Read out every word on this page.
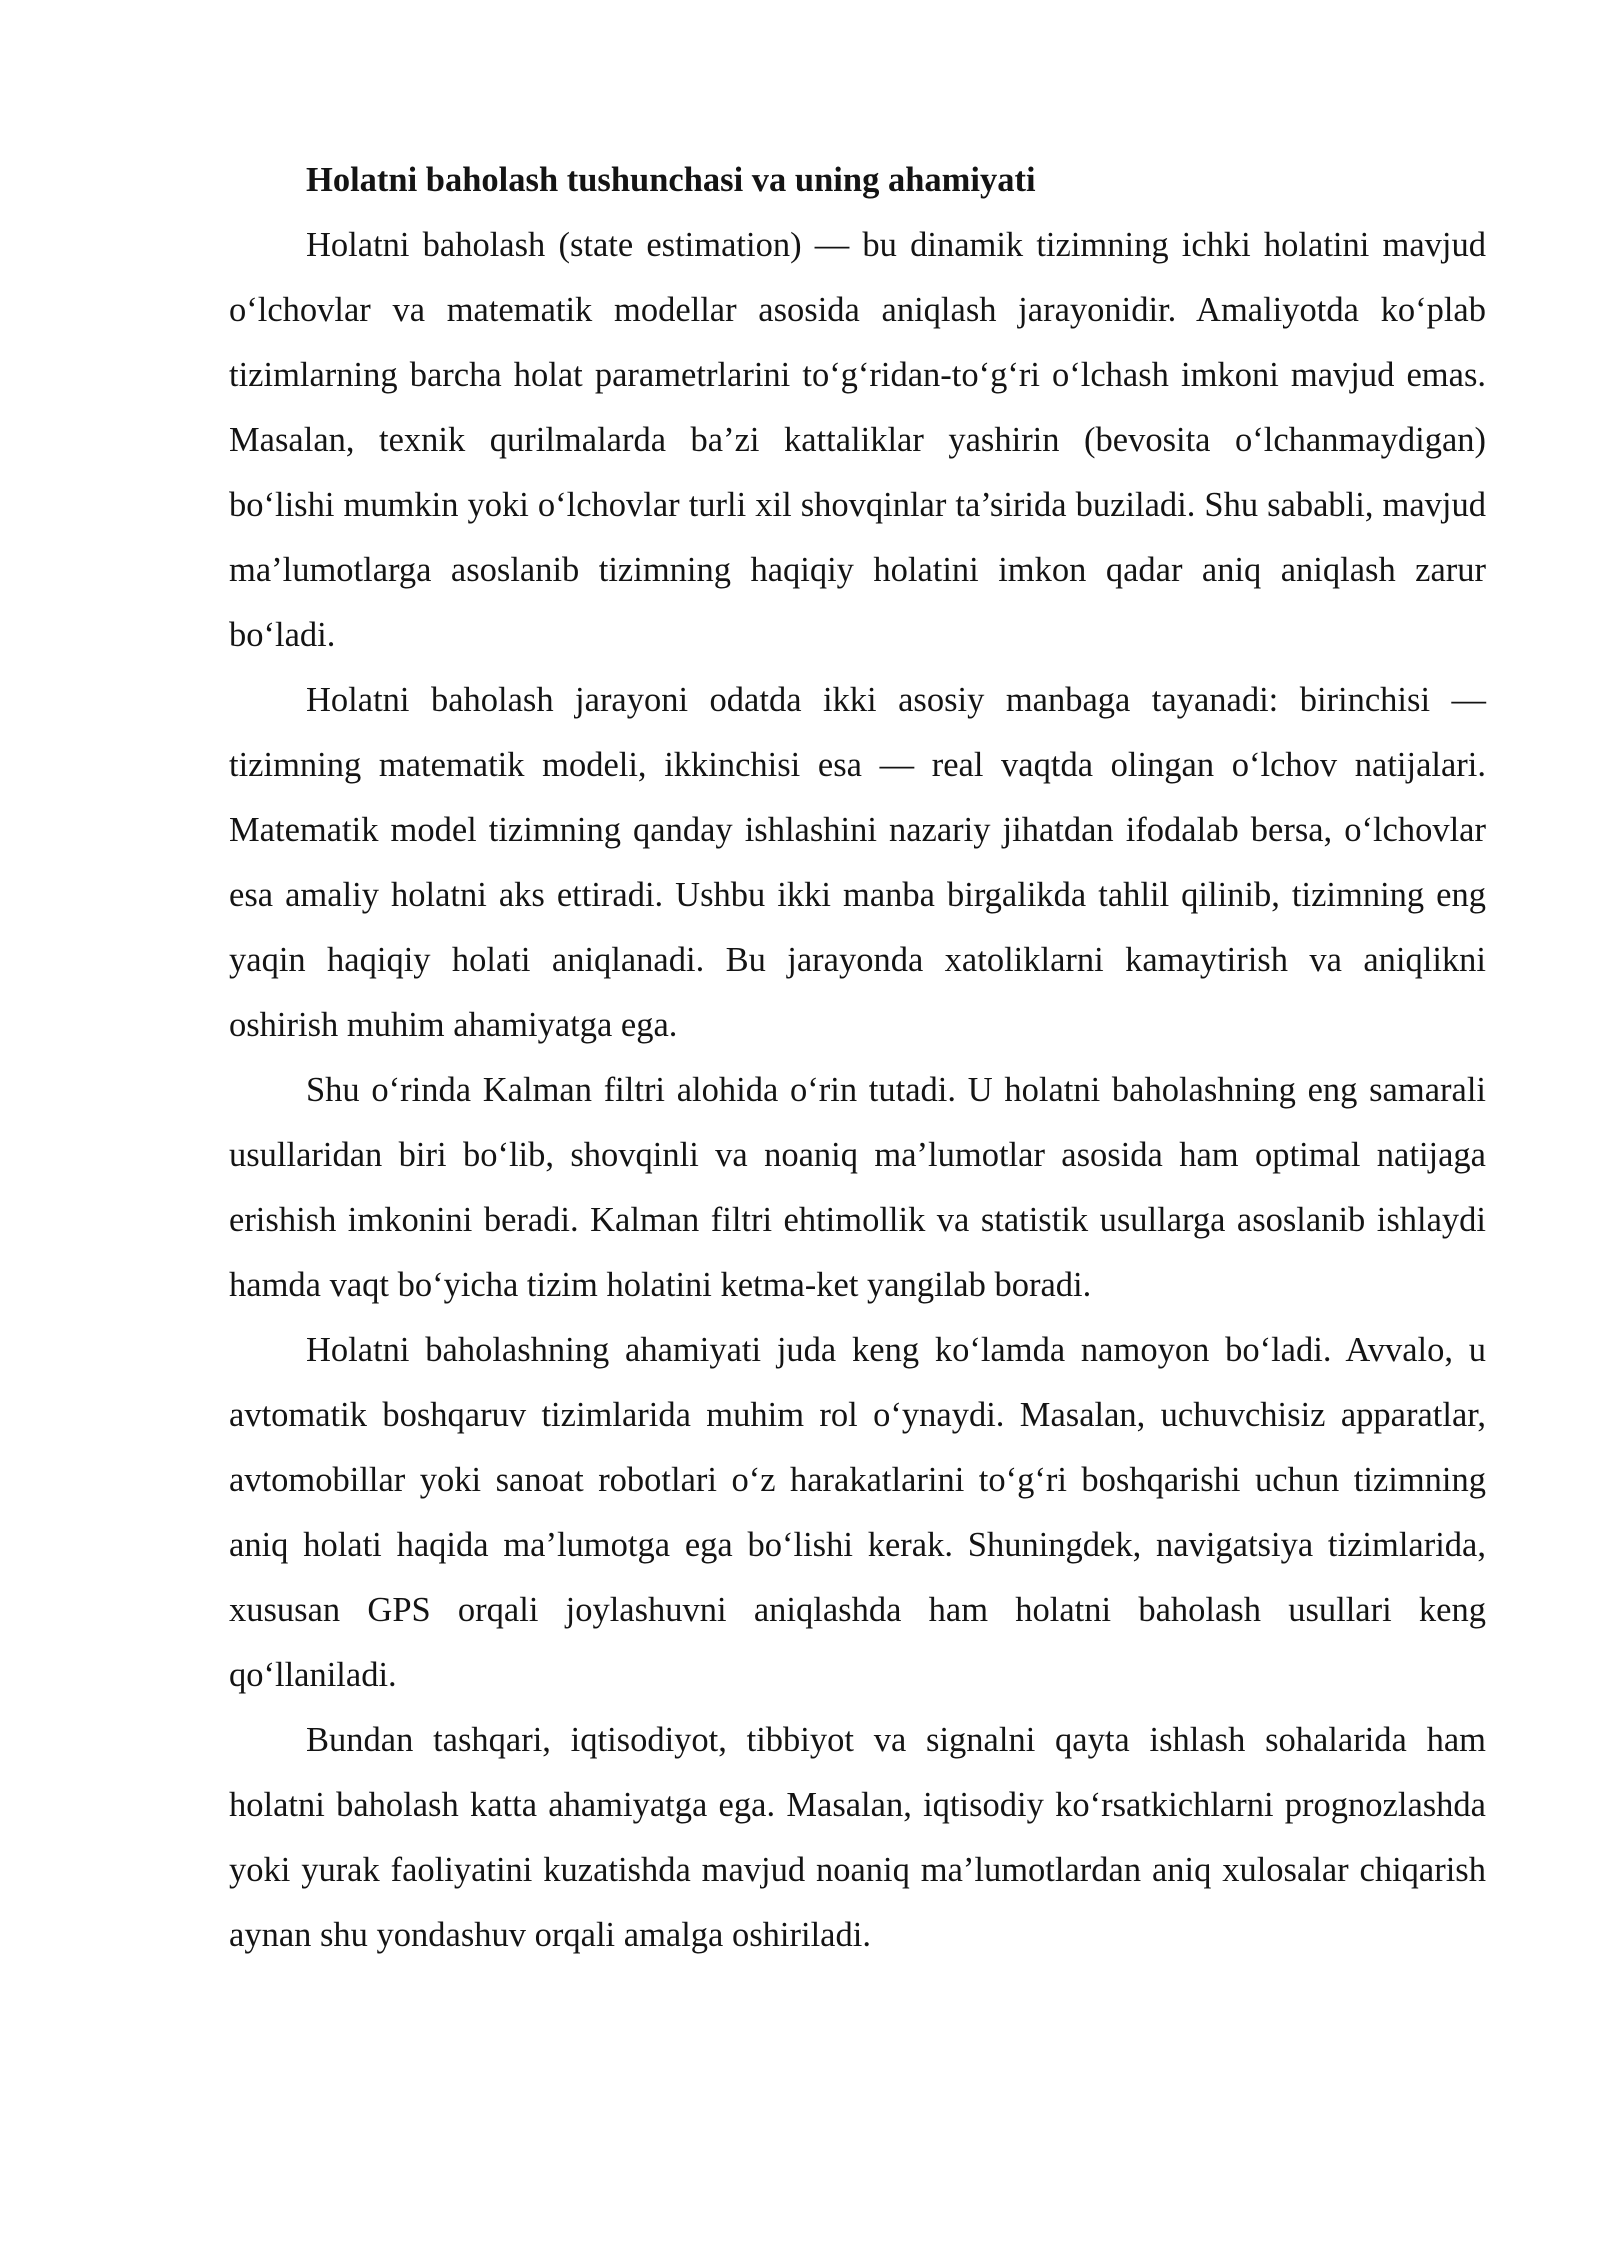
Holatni baholash tushunchasi va uning ahamiyati

Holatni baholash (state estimation) — bu dinamik tizimning ichki holatini mavjud o‘lchovlar va matematik modellar asosida aniqlash jarayonidir. Amaliyotda ko‘plab tizimlarning barcha holat parametrlarini to‘g‘ridan-to‘g‘ri o‘lchash imkoni mavjud emas. Masalan, texnik qurilmalarda ba’zi kattaliklar yashirin (bevosita o‘lchanmaydigan) bo‘lishi mumkin yoki o‘lchovlar turli xil shovqinlar ta’sirida buziladi. Shu sababli, mavjud ma’lumotlarga asoslanib tizimning haqiqiy holatini imkon qadar aniq aniqlash zarur bo‘ladi.

Holatni baholash jarayoni odatda ikki asosiy manbaga tayanadi: birinchisi — tizimning matematik modeli, ikkinchisi esa — real vaqtda olingan o‘lchov natijalari. Matematik model tizimning qanday ishlashini nazariy jihatdan ifodalab bersa, o‘lchovlar esa amaliy holatni aks ettiradi. Ushbu ikki manba birgalikda tahlil qilinib, tizimning eng yaqin haqiqiy holati aniqlanadi. Bu jarayonda xatoliklarni kamaytirish va aniqlikni oshirish muhim ahamiyatga ega.

Shu o‘rinda Kalman filtri alohida o‘rin tutadi. U holatni baholashning eng samarali usullaridan biri bo‘lib, shovqinli va noaniq ma’lumotlar asosida ham optimal natijaga erishish imkonini beradi. Kalman filtri ehtimollik va statistik usullarga asoslanib ishlaydi hamda vaqt bo‘yicha tizim holatini ketma-ket yangilab boradi.

Holatni baholashning ahamiyati juda keng ko‘lamda namoyon bo‘ladi. Avvalo, u avtomatik boshqaruv tizimlarida muhim rol o‘ynaydi. Masalan, uchuvchisiz apparatlar, avtomobillar yoki sanoat robotlari o‘z harakatlarini to‘g‘ri boshqarishi uchun tizimning aniq holati haqida ma’lumotga ega bo‘lishi kerak. Shuningdek, navigatsiya tizimlarida, xususan GPS orqali joylashuvni aniqlashda ham holatni baholash usullari keng qo‘llaniladi.

Bundan tashqari, iqtisodiyot, tibbiyot va signalni qayta ishlash sohalarida ham holatni baholash katta ahamiyatga ega. Masalan, iqtisodiy ko‘rsatkichlarni prognozlashda yoki yurak faoliyatini kuzatishda mavjud noaniq ma’lumotlardan aniq xulosalar chiqarish aynan shu yondashuv orqali amalga oshiriladi.
